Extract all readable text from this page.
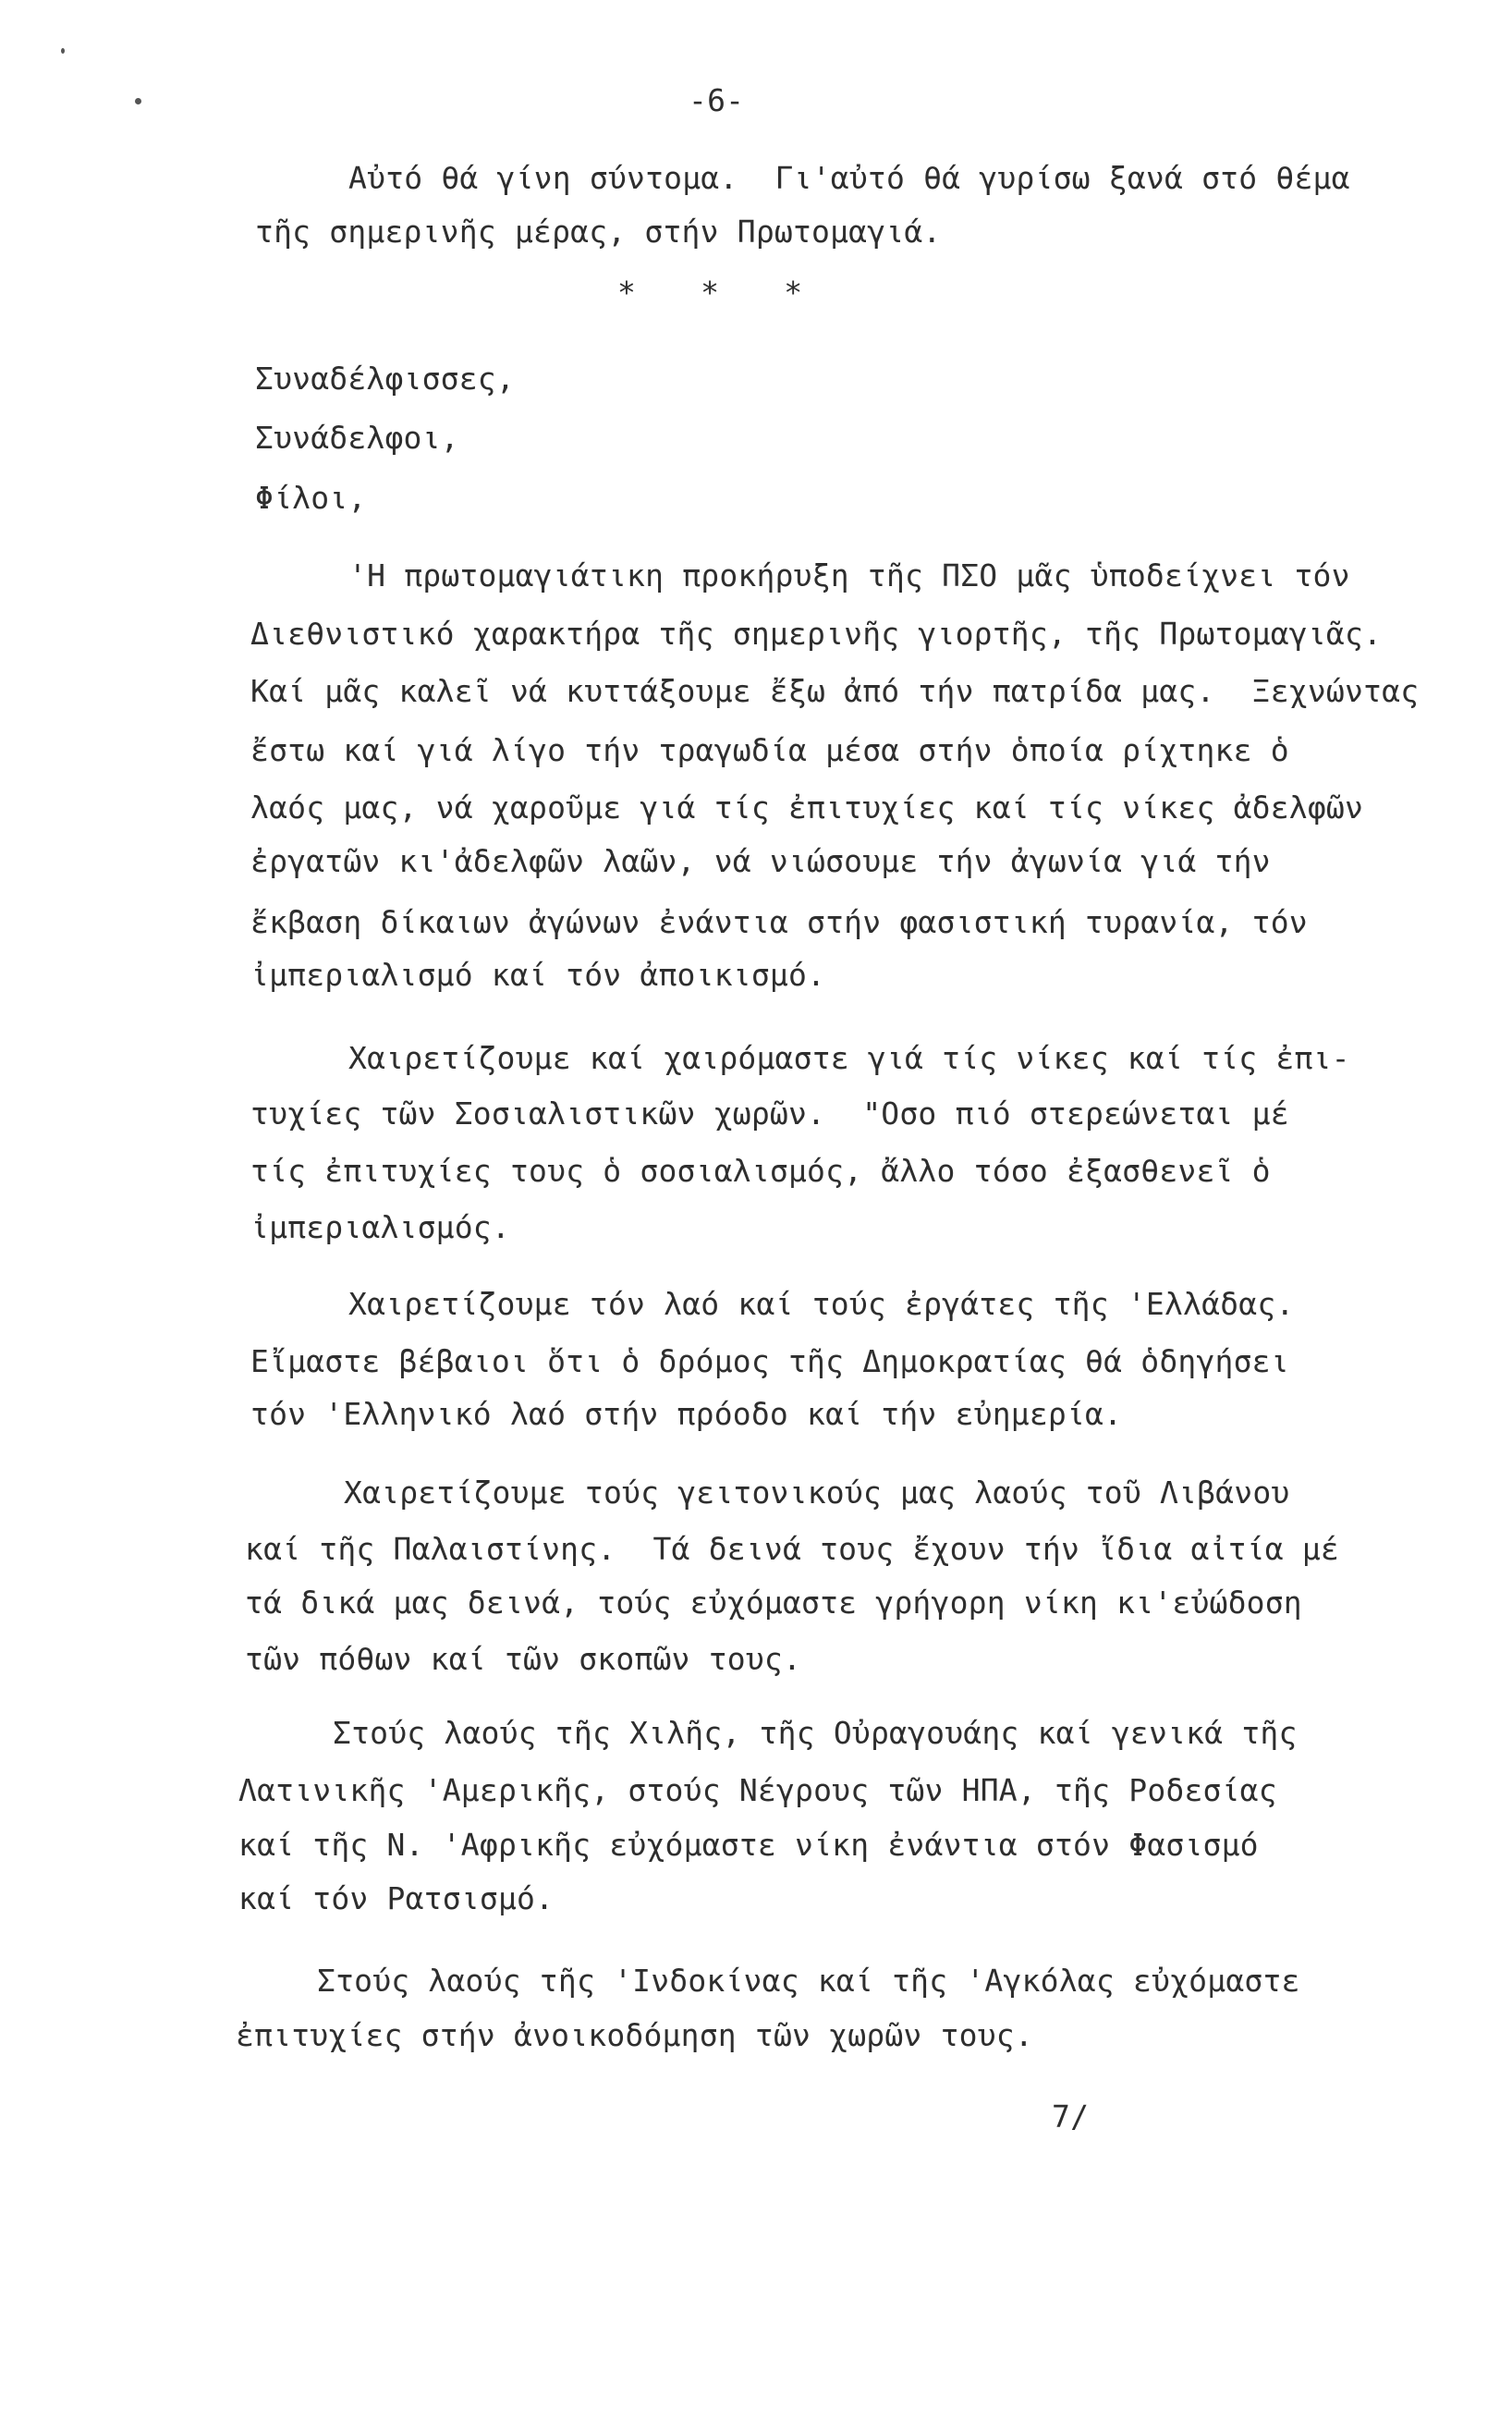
-6-
Αὐτό θά γίνη σύντομα.  Γι'αὐτό θά γυρίσω ξανά στό θέμα
τῆς σημερινῆς μέρας, στήν Πρωτομαγιά.
* * *
Συναδέλφισσες,
Συνάδελφοι,
Φίλοι,
'Η πρωτομαγιάτικη προκήρυξη τῆς ΠΣΟ μᾶς ὑποδείχνει τόν
Διεθνιστικό χαρακτήρα τῆς σημερινῆς γιορτῆς, τῆς Πρωτομαγιᾶς.
Καί μᾶς καλεῖ νά κυττάξουμε ἔξω ἀπό τήν πατρίδα μας.  Ξεχνώντας
ἔστω καί γιά λίγο τήν τραγωδία μέσα στήν ὁποία ρίχτηκε ὁ
λαός μας, νά χαροῦμε γιά τίς ἐπιτυχίες καί τίς νίκες ἀδελφῶν
ἐργατῶν κι'ἀδελφῶν λαῶν, νά νιώσουμε τήν ἀγωνία γιά τήν
ἔκβαση δίκαιων ἀγώνων ἐνάντια στήν φασιστική τυρανία, τόν
ἰμπεριαλισμό καί τόν ἀποικισμό.
Χαιρετίζουμε καί χαιρόμαστε γιά τίς νίκες καί τίς ἐπι-
τυχίες τῶν Σοσιαλιστικῶν χωρῶν.  "Οσο πιό στερεώνεται μέ
τίς ἐπιτυχίες τους ὁ σοσιαλισμός, ἄλλο τόσο ἐξασθενεῖ ὁ
ἰμπεριαλισμός.
Χαιρετίζουμε τόν λαό καί τούς ἐργάτες τῆς 'Ελλάδας.
Εἴμαστε βέβαιοι ὅτι ὁ δρόμος τῆς Δημοκρατίας θά ὁδηγήσει
τόν 'Ελληνικό λαό στήν πρόοδο καί τήν εὐημερία.
Χαιρετίζουμε τούς γειτονικούς μας λαούς τοῦ Λιβάνου
καί τῆς Παλαιστίνης.  Τά δεινά τους ἔχουν τήν ἴδια αἰτία μέ
τά δικά μας δεινά, τούς εὐχόμαστε γρήγορη νίκη κι'εὐώδοση
τῶν πόθων καί τῶν σκοπῶν τους.
Στούς λαούς τῆς Χιλῆς, τῆς Οὐραγουάης καί γενικά τῆς
Λατινικῆς 'Αμερικῆς, στούς Νέγρους τῶν ΗΠΑ, τῆς Ροδεσίας
καί τῆς Ν. 'Αφρικῆς εὐχόμαστε νίκη ἐνάντια στόν Φασισμό
καί τόν Ρατσισμό.
Στούς λαούς τῆς 'Ινδοκίνας καί τῆς 'Αγκόλας εὐχόμαστε
ἐπιτυχίες στήν ἀνοικοδόμηση τῶν χωρῶν τους.
7/
